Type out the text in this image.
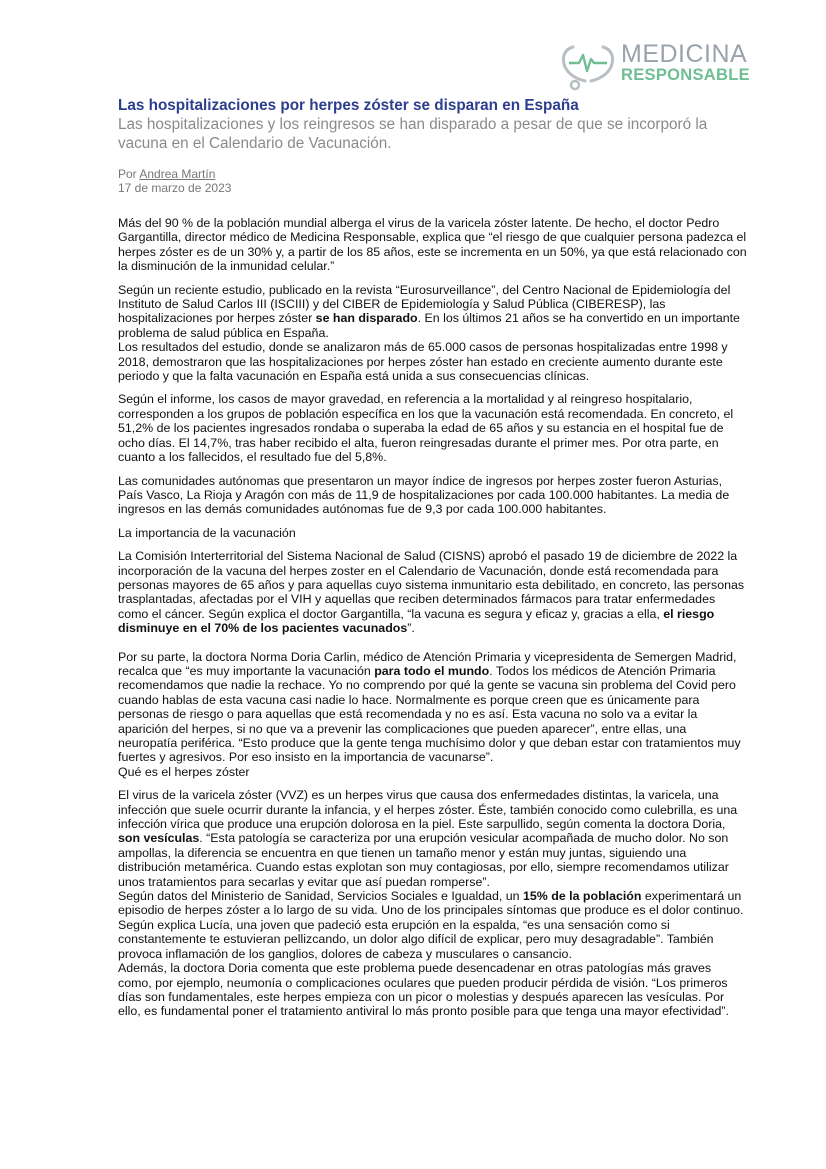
MEDICINA
RESPONSABLE
Las hospitalizaciones por herpes zóster se disparan en España

Las hospitalizaciones y los reingresos se han disparado a pesar de que se incorporó la vacuna en el Calendario de Vacunación.

Por Andrea Martín
17 de marzo de 2023

Más del 90 % de la población mundial alberga el virus de la varicela zóster latente. De hecho, el doctor Pedro Gargantilla, director médico de Medicina Responsable, explica que “el riesgo de que cualquier persona padezca el herpes zóster es de un 30% y, a partir de los 85 años, este se incrementa en un 50%, ya que está relacionado con la disminución de la inmunidad celular.”

Según un reciente estudio, publicado en la revista “Eurosurveillance”, del Centro Nacional de Epidemiología del Instituto de Salud Carlos III (ISCIII) y del CIBER de Epidemiología y Salud Pública (CIBERESP), las hospitalizaciones por herpes zóster se han disparado. En los últimos 21 años se ha convertido en un importante problema de salud pública en España.

Los resultados del estudio, donde se analizaron más de 65.000 casos de personas hospitalizadas entre 1998 y 2018, demostraron que las hospitalizaciones por herpes zóster han estado en creciente aumento durante este periodo y que la falta vacunación en España está unida a sus consecuencias clínicas.

Según el informe, los casos de mayor gravedad, en referencia a la mortalidad y al reingreso hospitalario, corresponden a los grupos de población específica en los que la vacunación está recomendada. En concreto, el 51,2% de los pacientes ingresados rondaba o superaba la edad de 65 años y su estancia en el hospital fue de ocho días. El 14,7%, tras haber recibido el alta, fueron reingresadas durante el primer mes. Por otra parte, en cuanto a los fallecidos, el resultado fue del 5,8%.

Las comunidades autónomas que presentaron un mayor índice de ingresos por herpes zoster fueron Asturias, País Vasco, La Rioja y Aragón con más de 11,9 de hospitalizaciones por cada 100.000 habitantes. La media de ingresos en las demás comunidades autónomas fue de 9,3 por cada 100.000 habitantes.

La importancia de la vacunación

La Comisión Interterritorial del Sistema Nacional de Salud (CISNS) aprobó el pasado 19 de diciembre de 2022 la incorporación de la vacuna del herpes zoster en el Calendario de Vacunación, donde está recomendada para personas mayores de 65 años y para aquellas cuyo sistema inmunitario esta debilitado, en concreto, las personas trasplantadas, afectadas por el VIH y aquellas que reciben determinados fármacos para tratar enfermedades como el cáncer. Según explica el doctor Gargantilla, “la vacuna es segura y eficaz y, gracias a ella, el riesgo disminuye en el 70% de los pacientes vacunados”.

Por su parte, la doctora Norma Doria Carlin, médico de Atención Primaria y vicepresidenta de Semergen Madrid, recalca que “es muy importante la vacunación para todo el mundo. Todos los médicos de Atención Primaria recomendamos que nadie la rechace. Yo no comprendo por qué la gente se vacuna sin problema del Covid pero cuando hablas de esta vacuna casi nadie lo hace. Normalmente es porque creen que es únicamente para personas de riesgo o para aquellas que está recomendada y no es así. Esta vacuna no solo va a evitar la aparición del herpes, si no que va a prevenir las complicaciones que pueden aparecer”, entre ellas, una neuropatía periférica. “Esto produce que la gente tenga muchísimo dolor y que deban estar con tratamientos muy fuertes y agresivos. Por eso insisto en la importancia de vacunarse”.

Qué es el herpes zóster

El virus de la varicela zóster (VVZ) es un herpes virus que causa dos enfermedades distintas, la varicela, una infección que suele ocurrir durante la infancia, y el herpes zóster. Éste, también conocido como culebrilla, es una infección vírica que produce una erupción dolorosa en la piel. Este sarpullido, según comenta la doctora Doria, son vesículas. “Esta patología se caracteriza por una erupción vesicular acompañada de mucho dolor. No son ampollas, la diferencia se encuentra en que tienen un tamaño menor y están muy juntas, siguiendo una distribución metamérica. Cuando estas explotan son muy contagiosas, por ello, siempre recomendamos utilizar unos tratamientos para secarlas y evitar que así puedan romperse”.

Según datos del Ministerio de Sanidad, Servicios Sociales e Igualdad, un 15% de la población experimentará un episodio de herpes zóster a lo largo de su vida. Uno de los principales síntomas que produce es el dolor continuo. Según explica Lucía, una joven que padeció esta erupción en la espalda, “es una sensación como si constantemente te estuvieran pellizcando, un dolor algo difícil de explicar, pero muy desagradable”. También provoca inflamación de los ganglios, dolores de cabeza y musculares o cansancio.

Además, la doctora Doria comenta que este problema puede desencadenar en otras patologías más graves como, por ejemplo, neumonía o complicaciones oculares que pueden producir pérdida de visión. “Los primeros días son fundamentales, este herpes empieza con un picor o molestias y después aparecen las vesículas. Por ello, es fundamental poner el tratamiento antiviral lo más pronto posible para que tenga una mayor efectividad”.
